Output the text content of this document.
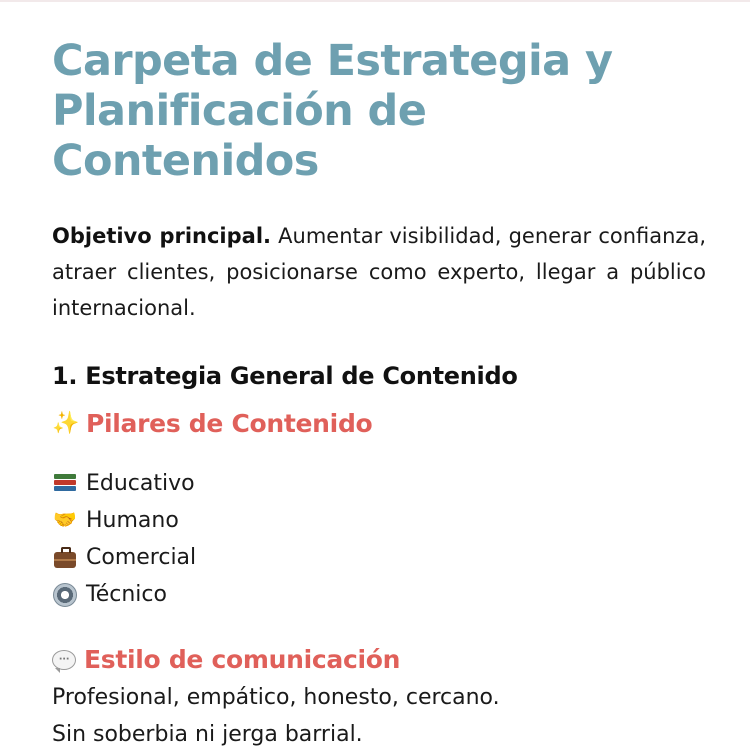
Carpeta de Estrategia y Planificación de Contenidos

Objetivo principal. Aumentar visibilidad, generar confianza, atraer clientes, posicionarse como experto, llegar a público internacional.

1. Estrategia General de Contenido
✨ Pilares de Contenido
Educativo
🤝 Humano
Comercial
Técnico
··· Estilo de comunicación

Profesional, empático, honesto, cercano.
Sin soberbia ni jerga barrial.
